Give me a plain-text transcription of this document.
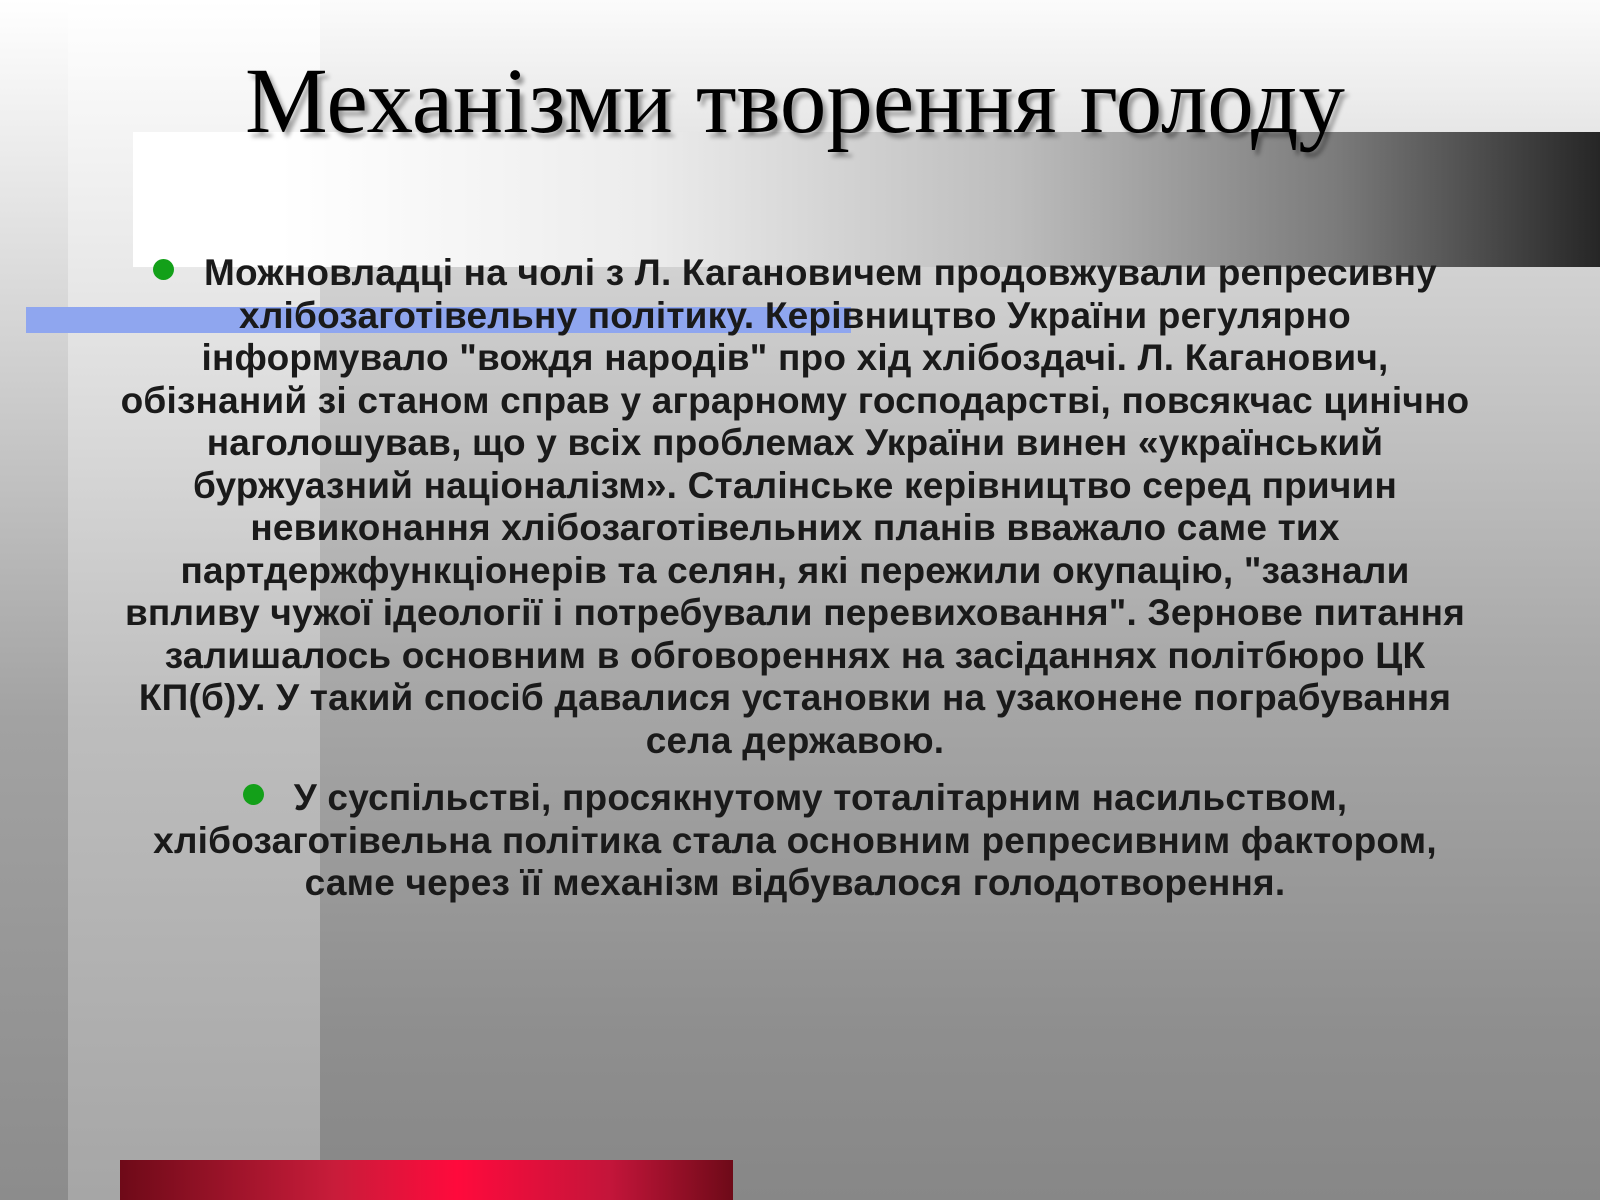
Механізми творення голоду
Можновладці на чолі з Л. Кагановичем продовжували репресивну хлібозаготівельну політику. Керівництво України регулярно інформувало "вождя народів" про хід хлібоздачі. Л. Каганович, обізнаний зі станом справ у аграрному господарстві, повсякчас цинічно наголошував, що у всіх проблемах України винен «український буржуазний націоналізм». Сталінське керівництво серед причин невиконання хлібозаготівельних планів вважало саме тих партдержфункціонерів та селян, які пережили окупацію, "зазнали впливу чужої ідеології і потребували перевиховання". Зернове питання залишалось основним в обговореннях на засіданнях політбюро ЦК КП(б)У. У такий спосіб давалися установки на узаконене пограбування села державою.
У суспільстві, просякнутому тоталітарним насильством, хлібозаготівельна політика стала основним репресивним фактором, саме через її механізм відбувалося голодотворення.
